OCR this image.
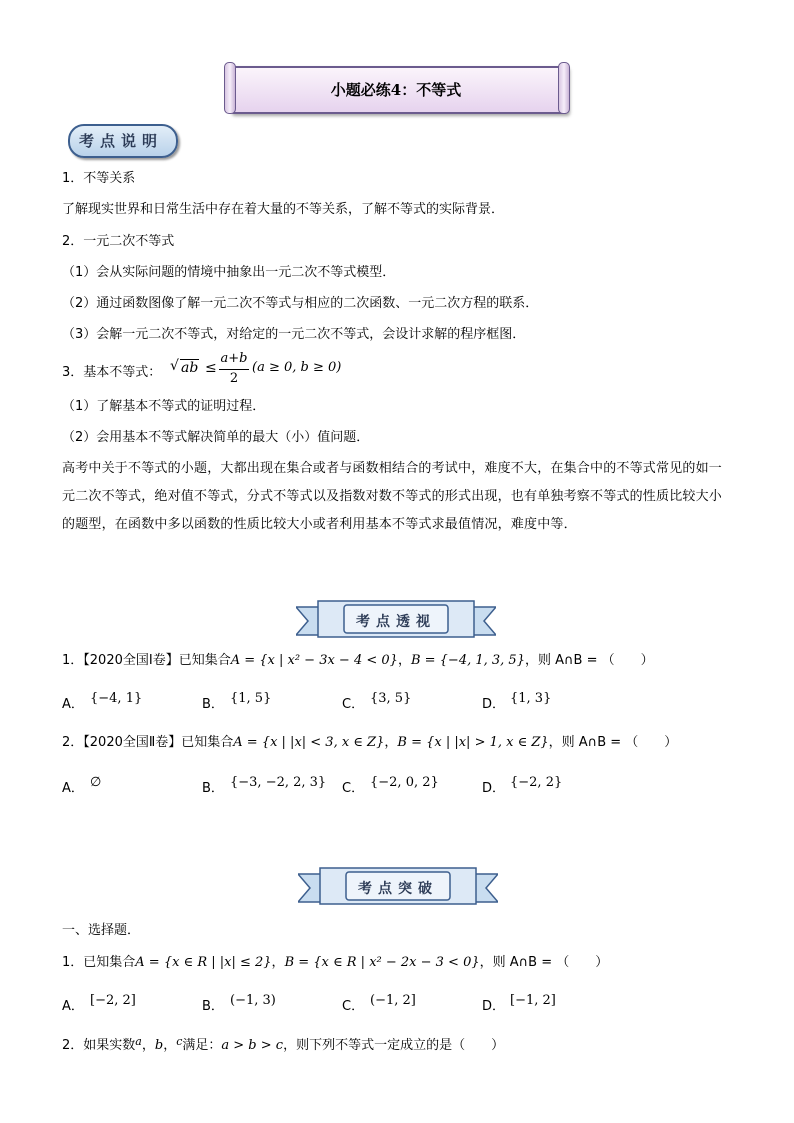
小题必练4：不等式
考点说明
1．不等关系
了解现实世界和日常生活中存在着大量的不等关系，了解不等式的实际背景．
2．一元二次不等式
（1）会从实际问题的情境中抽象出一元二次不等式模型．
（2）通过函数图像了解一元二次不等式与相应的二次函数、一元二次方程的联系．
（3）会解一元二次不等式，对给定的一元二次不等式，会设计求解的程序框图．
3．基本不等式： √ ab ≤
a+b
2
(a ≥ 0, b ≥ 0)
（1）了解基本不等式的证明过程．
（2）会用基本不等式解决简单的最大（小）值问题．
高考中关于不等式的小题，大都出现在集合或者与函数相结合的考试中，难度不大，在集合中的不等式常见的如一元二次不等式，绝对值不等式，分式不等式以及指数对数不等式的形式出现，也有单独考察不等式的性质比较大小的题型，在函数中多以函数的性质比较大小或者利用基本不等式求最值情况，难度中等．
考点透视
1．【2020全国Ⅰ卷】已知集合A = {x | x² − 3x − 4 < 0}，B = {−4, 1, 3, 5}，则 A∩B = （　　）
A． {−4, 1}	B． {1, 5}	C． {3, 5}	D． {1, 3}
2．【2020全国Ⅱ卷】已知集合A = {x | |x| < 3, x ∈ Z}，B = {x | |x| > 1, x ∈ Z}，则 A∩B = （　　）
A． ∅	B． {−3, −2, 2, 3} C． {−2, 0, 2}	D． {−2, 2}
考点突破
一、选择题．
1．已知集合A = {x ∈ R | |x| ≤ 2}，B = {x ∈ R | x² − 2x − 3 < 0}，则 A∩B = （　　）
A． [−2, 2]	B． (−1, 3)	C． (−1, 2]	D． [−1, 2]
2．如果实数$^a$，b，$^c$满足：a > b > c，则下列不等式一定成立的是（　　）
